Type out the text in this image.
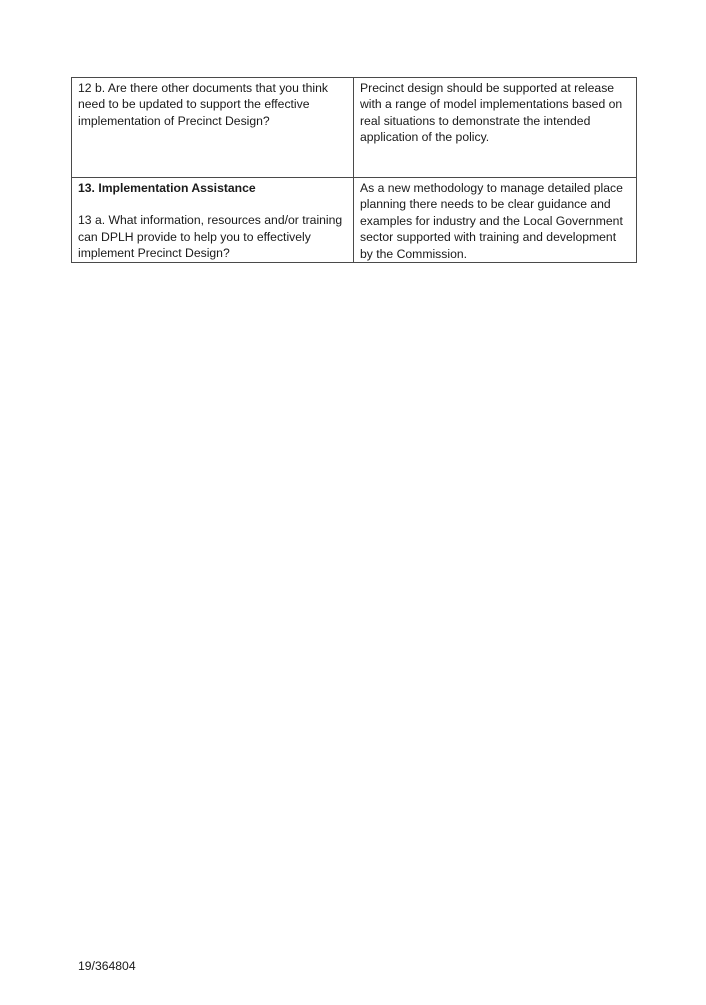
12 b. Are there other documents that you think need to be updated to support the effective implementation of Precinct Design?	Precinct design should be supported at release with a range of model implementations based on real situations to demonstrate the intended application of the policy.

13. Implementation Assistance
13 a. What information, resources and/or training can DPLH provide to help you to effectively implement Precinct Design?	As a new methodology to manage detailed place planning there needs to be clear guidance and examples for industry and the Local Government sector supported with training and development by the Commission.
19/364804
